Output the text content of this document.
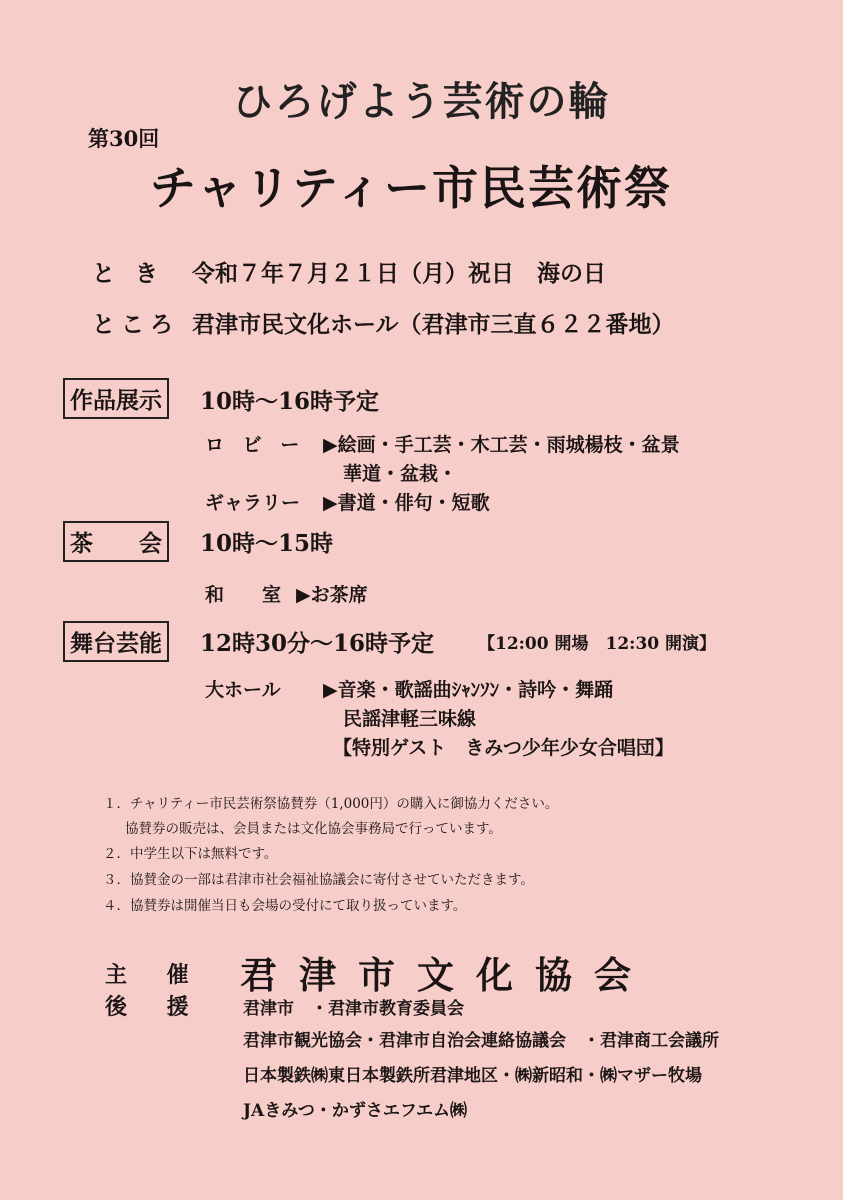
ひろげよう芸術の輪
第30回
チャリティー市民芸術祭
と き 令和７年７月２１日（月）祝日　海の日
ところ 君津市民文化ホール（君津市三直６２２番地）
作品展示	10時〜16時予定
ロ ビ ー ▶絵画・手工芸・木工芸・雨城楊枝・盆景
華道・盆栽・
ギャラリー ▶書道・俳句・短歌
茶　　会	10時〜15時
和　　室 ▶お茶席
舞台芸能	12時30分〜16時予定	【12:00 開場　12:30 開演】
大ホール ▶音楽・歌謡曲ｼｬﾝｿﾝ・詩吟・舞踊
民謡津軽三味線
【特別ゲスト　きみつ少年少女合唱団】
１．チャリティー市民芸術祭協賛券（1,000円）の購入に御協力ください。
協賛券の販売は、会員または文化協会事務局で行っています。
２．中学生以下は無料です。
３．協賛金の一部は君津市社会福祉協議会に寄付させていただきます。
４．協賛券は開催当日も会場の受付にて取り扱っています。
主 催 君津市文化協会
後 援 君津市　・君津市教育委員会
君津市観光協会・君津市自治会連絡協議会　・君津商工会議所
日本製鉄㈱東日本製鉄所君津地区・㈱新昭和・㈱マザー牧場
JAきみつ・かずさエフエム㈱
